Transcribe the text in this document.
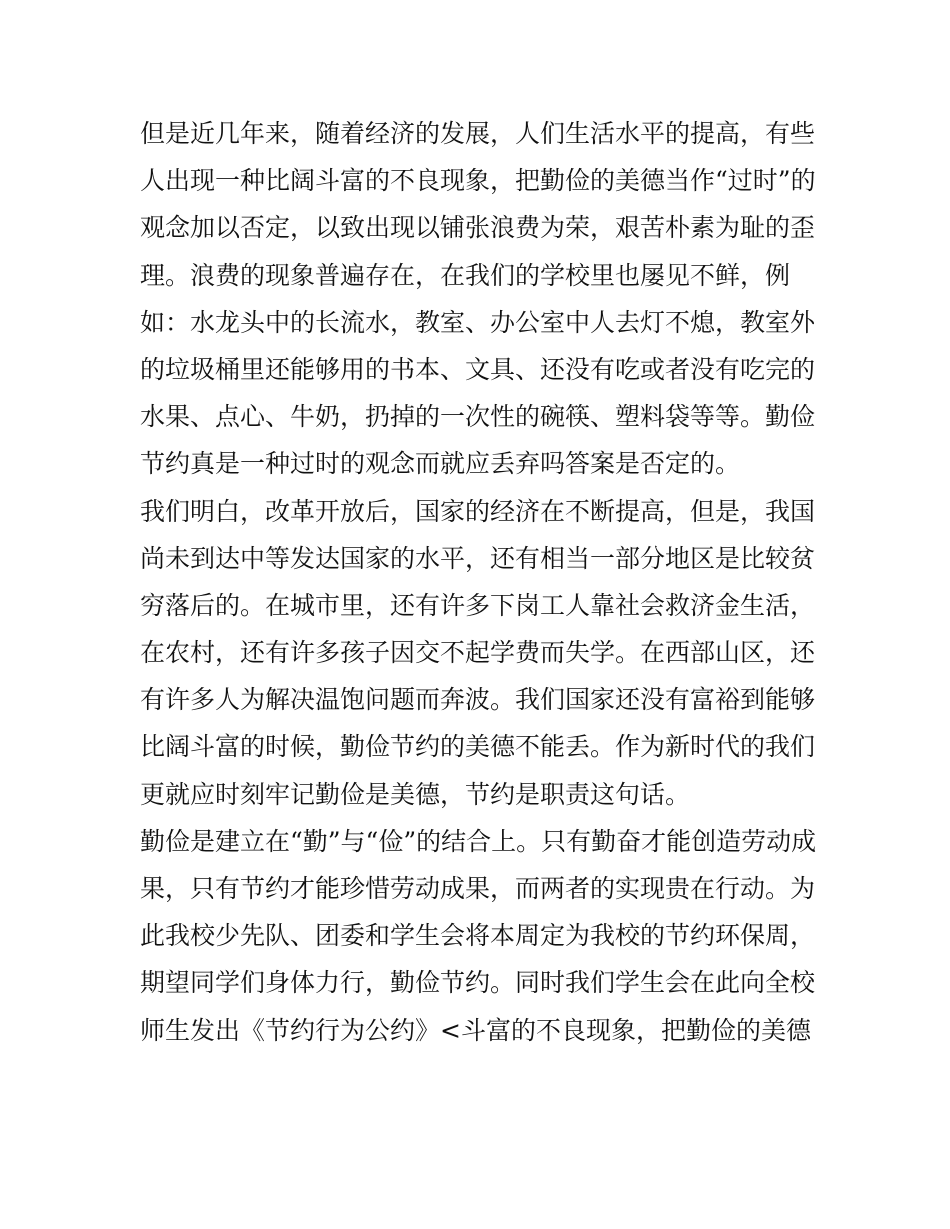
但是近几年来，随着经济的发展，人们生活水平的提高，有些
人出现一种比阔斗富的不良现象，把勤俭的美德当作“过时”的
观念加以否定，以致出现以铺张浪费为荣，艰苦朴素为耻的歪
理。浪费的现象普遍存在，在我们的学校里也屡见不鲜，例
如：水龙头中的长流水，教室、办公室中人去灯不熄，教室外
的垃圾桶里还能够用的书本、文具、还没有吃或者没有吃完的
水果、点心、牛奶，扔掉的一次性的碗筷、塑料袋等等。勤俭
节约真是一种过时的观念而就应丢弃吗答案是否定的。
我们明白，改革开放后，国家的经济在不断提高，但是，我国
尚未到达中等发达国家的水平，还有相当一部分地区是比较贫
穷落后的。在城市里，还有许多下岗工人靠社会救济金生活，
在农村，还有许多孩子因交不起学费而失学。在西部山区，还
有许多人为解决温饱问题而奔波。我们国家还没有富裕到能够
比阔斗富的时候，勤俭节约的美德不能丢。作为新时代的我们
更就应时刻牢记勤俭是美德，节约是职责这句话。
勤俭是建立在“勤”与“俭”的结合上。只有勤奋才能创造劳动成
果，只有节约才能珍惜劳动成果，而两者的实现贵在行动。为
此我校少先队、团委和学生会将本周定为我校的节约环保周，
期望同学们身体力行，勤俭节约。同时我们学生会在此向全校
师生发出《节约行为公约》<斗富的不良现象，把勤俭的美德
